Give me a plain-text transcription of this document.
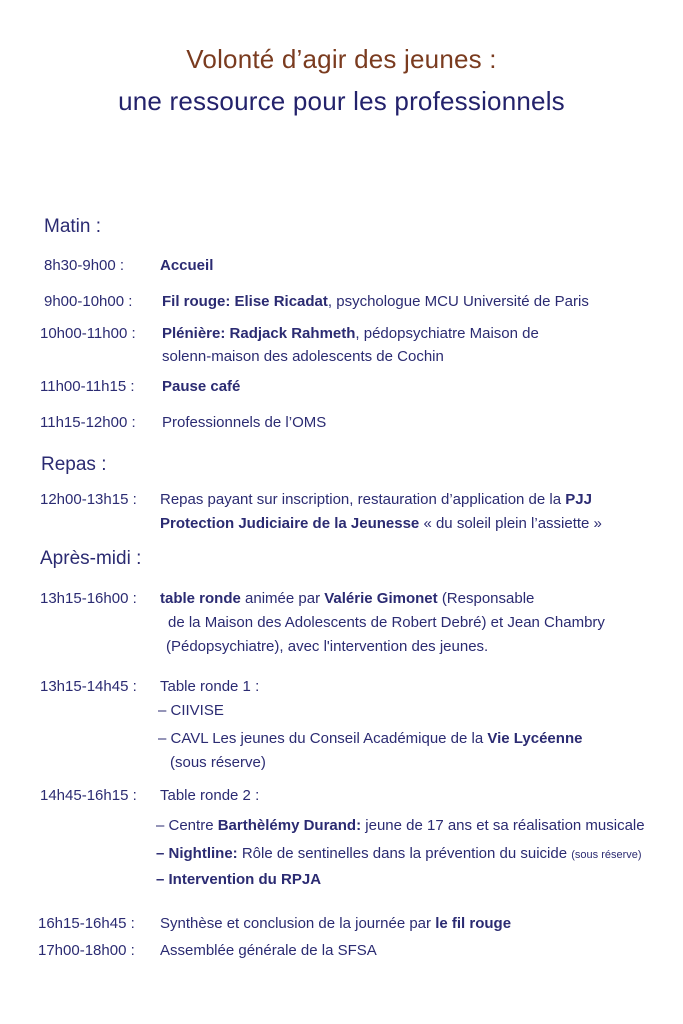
Volonté d’agir des jeunes :
une ressource pour les professionnels
Matin :
8h30-9h00 : Accueil
9h00-10h00 : Fil rouge: Elise Ricadat, psychologue MCU Université de Paris
10h00-11h00 : Plénière: Radjack Rahmeth, pédopsychiatre Maison de
solenn-maison des adolescents de Cochin
11h00-11h15 : Pause café
11h15-12h00 : Professionnels de l’OMS
Repas :
12h00-13h15 : Repas payant sur inscription, restauration d’application de la PJJ
Protection Judiciaire de la Jeunesse « du soleil plein l’assiette »
Après-midi :
13h15-16h00 : table ronde animée par Valérie Gimonet (Responsable
de la Maison des Adolescents de Robert Debré) et Jean Chambry
(Pédopsychiatre), avec l'intervention des jeunes.
13h15-14h45 : Table ronde 1 :
– CIIVISE
– CAVL Les jeunes du Conseil Académique de la Vie Lycéenne
(sous réserve)
14h45-16h15 : Table ronde 2 :
– Centre Barthèlémy Durand: jeune de 17 ans et sa réalisation musicale
– Nightline: Rôle de sentinelles dans la prévention du suicide (sous réserve)
– Intervention du RPJA
16h15-16h45 : Synthèse et conclusion de la journée par le fil rouge
17h00-18h00 : Assemblée générale de la SFSA
